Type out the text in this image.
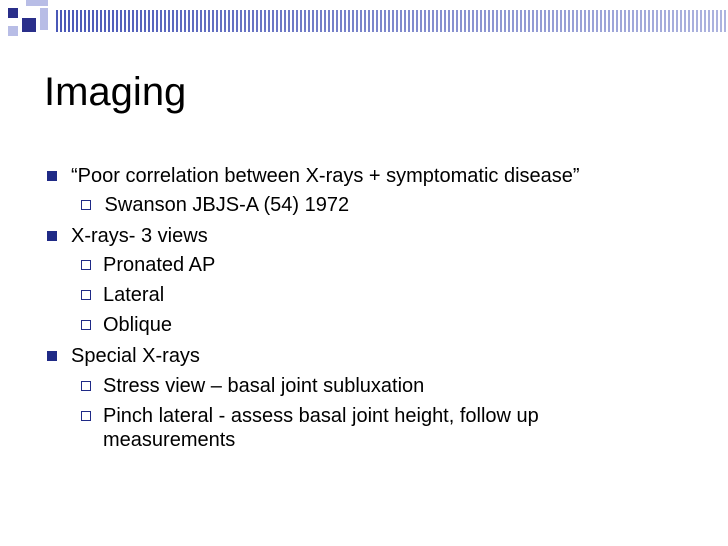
Imaging
“Poor correlation between X-rays + symptomatic disease”
Swanson JBJS-A (54) 1972
X-rays- 3 views
Pronated AP
Lateral
Oblique
Special X-rays
Stress view – basal joint subluxation
Pinch lateral - assess basal joint height, follow up
measurements
